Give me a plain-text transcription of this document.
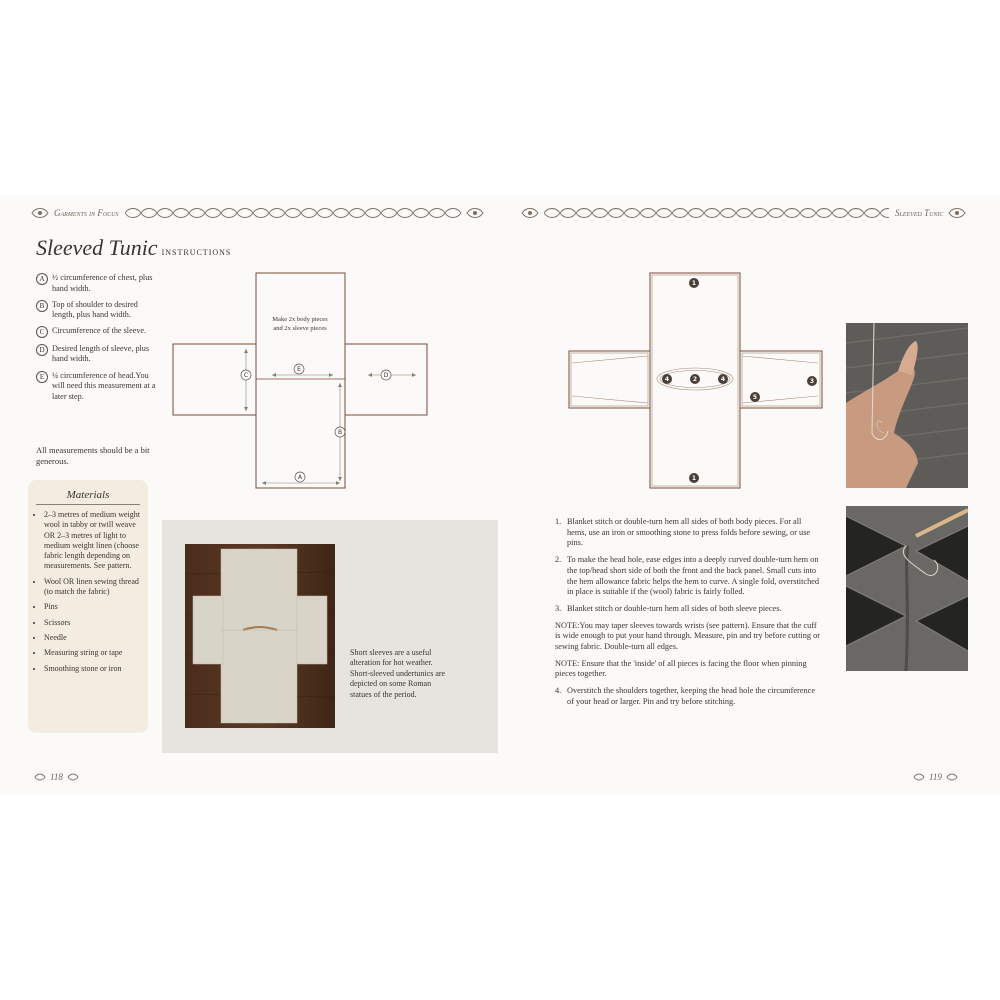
Garments in Focus
Sleeved Tunic instructions
A ½ circumference of chest, plus hand width.
B Top of shoulder to desired length, plus hand width.
C Circumference of the sleeve.
D Desired length of sleeve, plus hand width.
E ¼ circumference of head.You will need this measurement at a later step.
All measurements should be a bit generous.
Materials
• 2–3 metres of medium weight wool in tabby or twill weave OR 2–3 metres of light to medium weight linen (choose fabric length depending on measurements. See pattern.
• Wool OR linen sewing thread (to match the fabric)
• Pins
• Scissors
• Needle
• Measuring string or tape
• Smoothing stone or iron
C
E
D
B
A
Make 2x body pieces
and 2x sleeve pieces
Short sleeves are a useful alteration for hot weather. Short-sleeved undertunics are depicted on some Roman statues of the period.
118
Sleeved Tunic
1
1
4	2	4
5
3
1. Blanket stitch or double-turn hem all sides of both body pieces. For all hems, use an iron or smoothing stone to press folds before sewing, or use pins.
2. To make the head hole, ease edges into a deeply curved double-turn hem on the top/head short side of both the front and the back panel. Small cuts into the hem allowance fabric helps the hem to curve. A single fold, overstitched in place is suitable if the (wool) fabric is fairly folled.
3. Blanket stitch or double-turn hem all sides of both sleeve pieces.

NOTE:You may taper sleeves towards wrists (see pattern). Ensure that the cuff is wide enough to put your hand through. Measure, pin and try before cutting or sewing fabric. Double-turn all edges.

NOTE: Ensure that the 'inside' of all pieces is facing the floor when pinning pieces together.

4. Overstitch the shoulders together, keeping the head hole the circumference of your head or larger. Pin and try before stitching.
119
